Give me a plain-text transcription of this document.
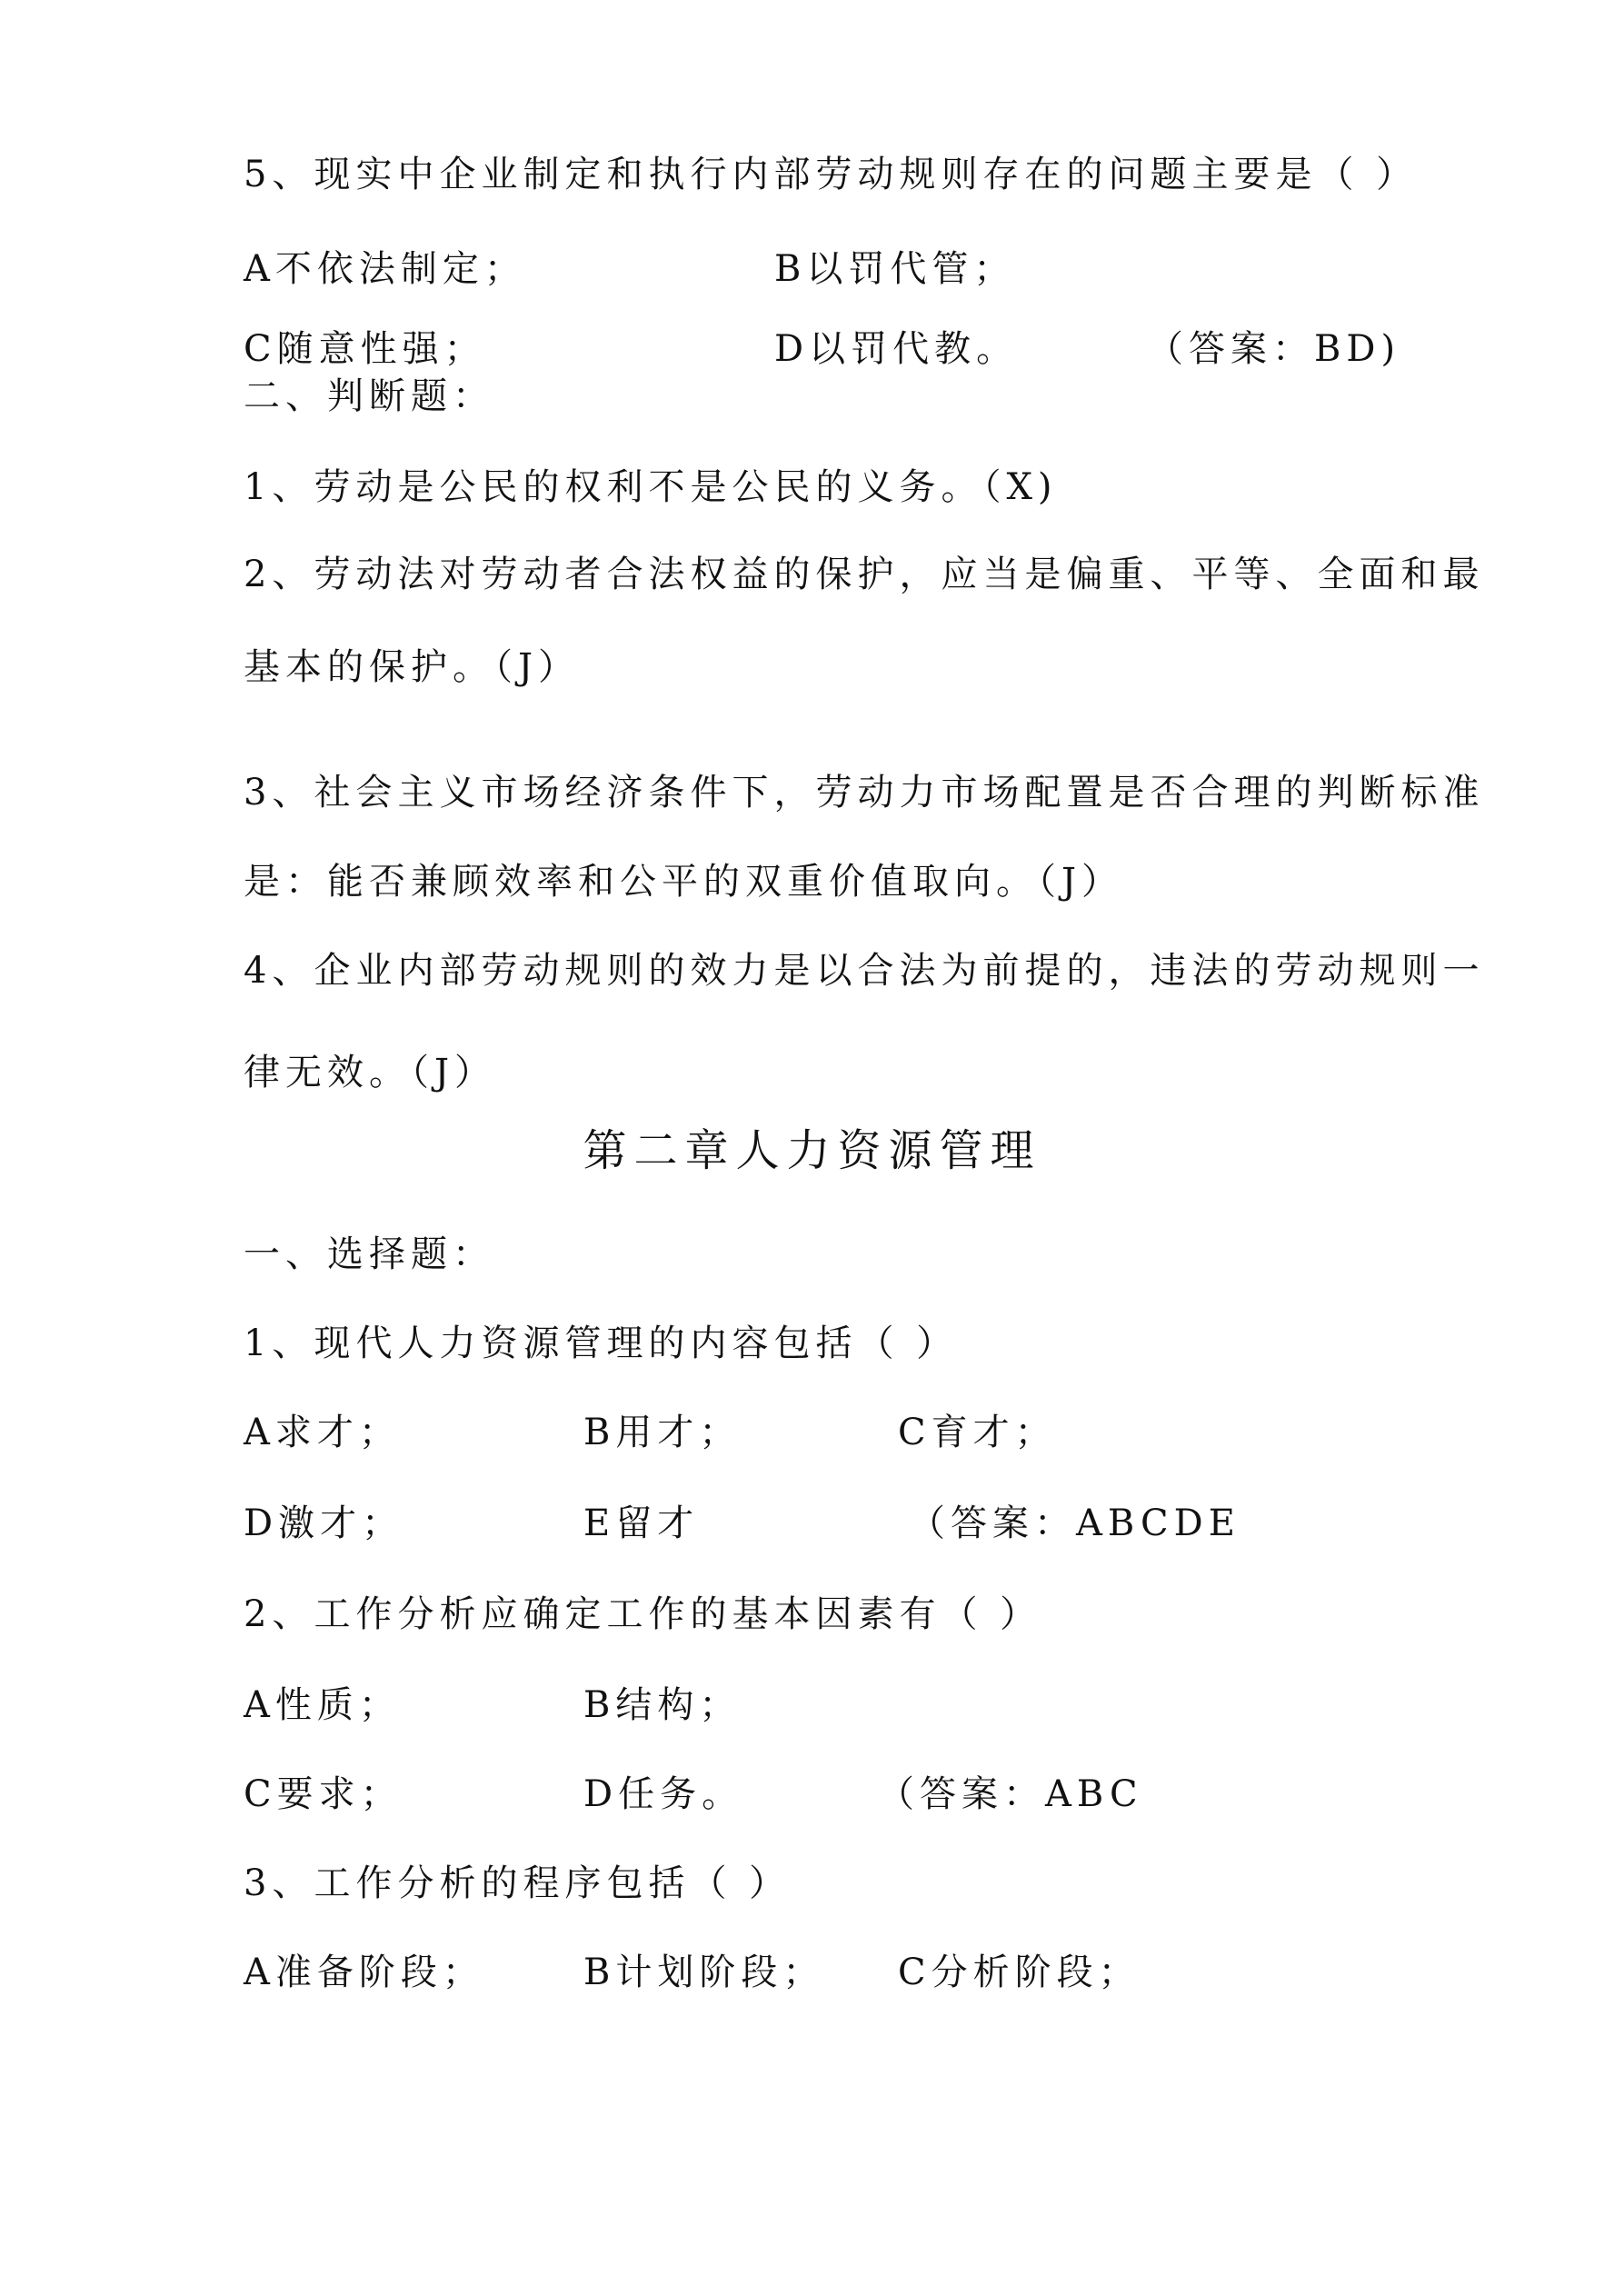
5、现实中企业制定和执行内部劳动规则存在的问题主要是（ ）
A不依法制定；	B以罚代管；
C随意性强；	D以罚代教。	（答案：BD)
二、判断题：
1、劳动是公民的权利不是公民的义务。（X)
2、劳动法对劳动者合法权益的保护，应当是偏重、平等、全面和最
基本的保护。（J）
3、社会主义市场经济条件下，劳动力市场配置是否合理的判断标准
是：能否兼顾效率和公平的双重价值取向。（J）
4、企业内部劳动规则的效力是以合法为前提的，违法的劳动规则一
律无效。（J）
第二章人力资源管理
一、选择题：
1、现代人力资源管理的内容包括（ ）
A求才；	B用才；	C育才；
D激才；	E留才	（答案：ABCDE
2、工作分析应确定工作的基本因素有（ ）
A性质；	B结构；
C要求；	D任务。	（答案：ABC
3、工作分析的程序包括（ ）
A准备阶段；	B计划阶段； C分析阶段；
